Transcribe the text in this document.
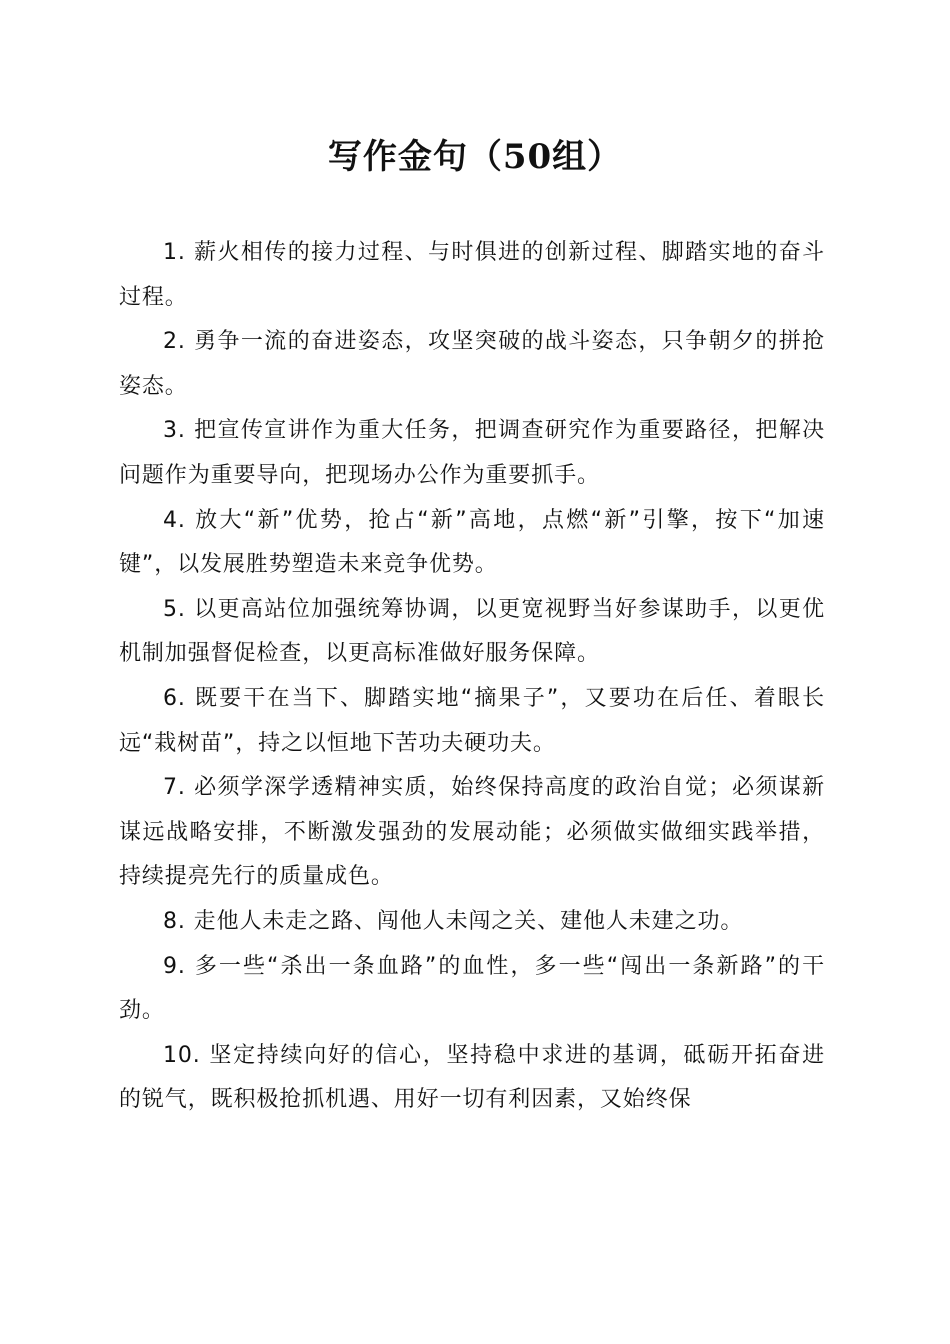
写作金句（50组）

1. 薪火相传的接力过程、与时俱进的创新过程、脚踏实地的奋斗过程。

2. 勇争一流的奋进姿态，攻坚突破的战斗姿态，只争朝夕的拼抢姿态。

3. 把宣传宣讲作为重大任务，把调查研究作为重要路径，把解决问题作为重要导向，把现场办公作为重要抓手。

4. 放大“新”优势，抢占“新”高地，点燃“新”引擎，按下“加速键”，以发展胜势塑造未来竞争优势。

5. 以更高站位加强统筹协调，以更宽视野当好参谋助手，以更优机制加强督促检查，以更高标准做好服务保障。

6. 既要干在当下、脚踏实地“摘果子”，又要功在后任、着眼长远“栽树苗”，持之以恒地下苦功夫硬功夫。

7. 必须学深学透精神实质，始终保持高度的政治自觉；必须谋新谋远战略安排，不断激发强劲的发展动能；必须做实做细实践举措，持续提亮先行的质量成色。

8. 走他人未走之路、闯他人未闯之关、建他人未建之功。

9. 多一些“杀出一条血路”的血性，多一些“闯出一条新路”的干劲。

10. 坚定持续向好的信心，坚持稳中求进的基调，砥砺开拓奋进的锐气，既积极抢抓机遇、用好一切有利因素，又始终保
